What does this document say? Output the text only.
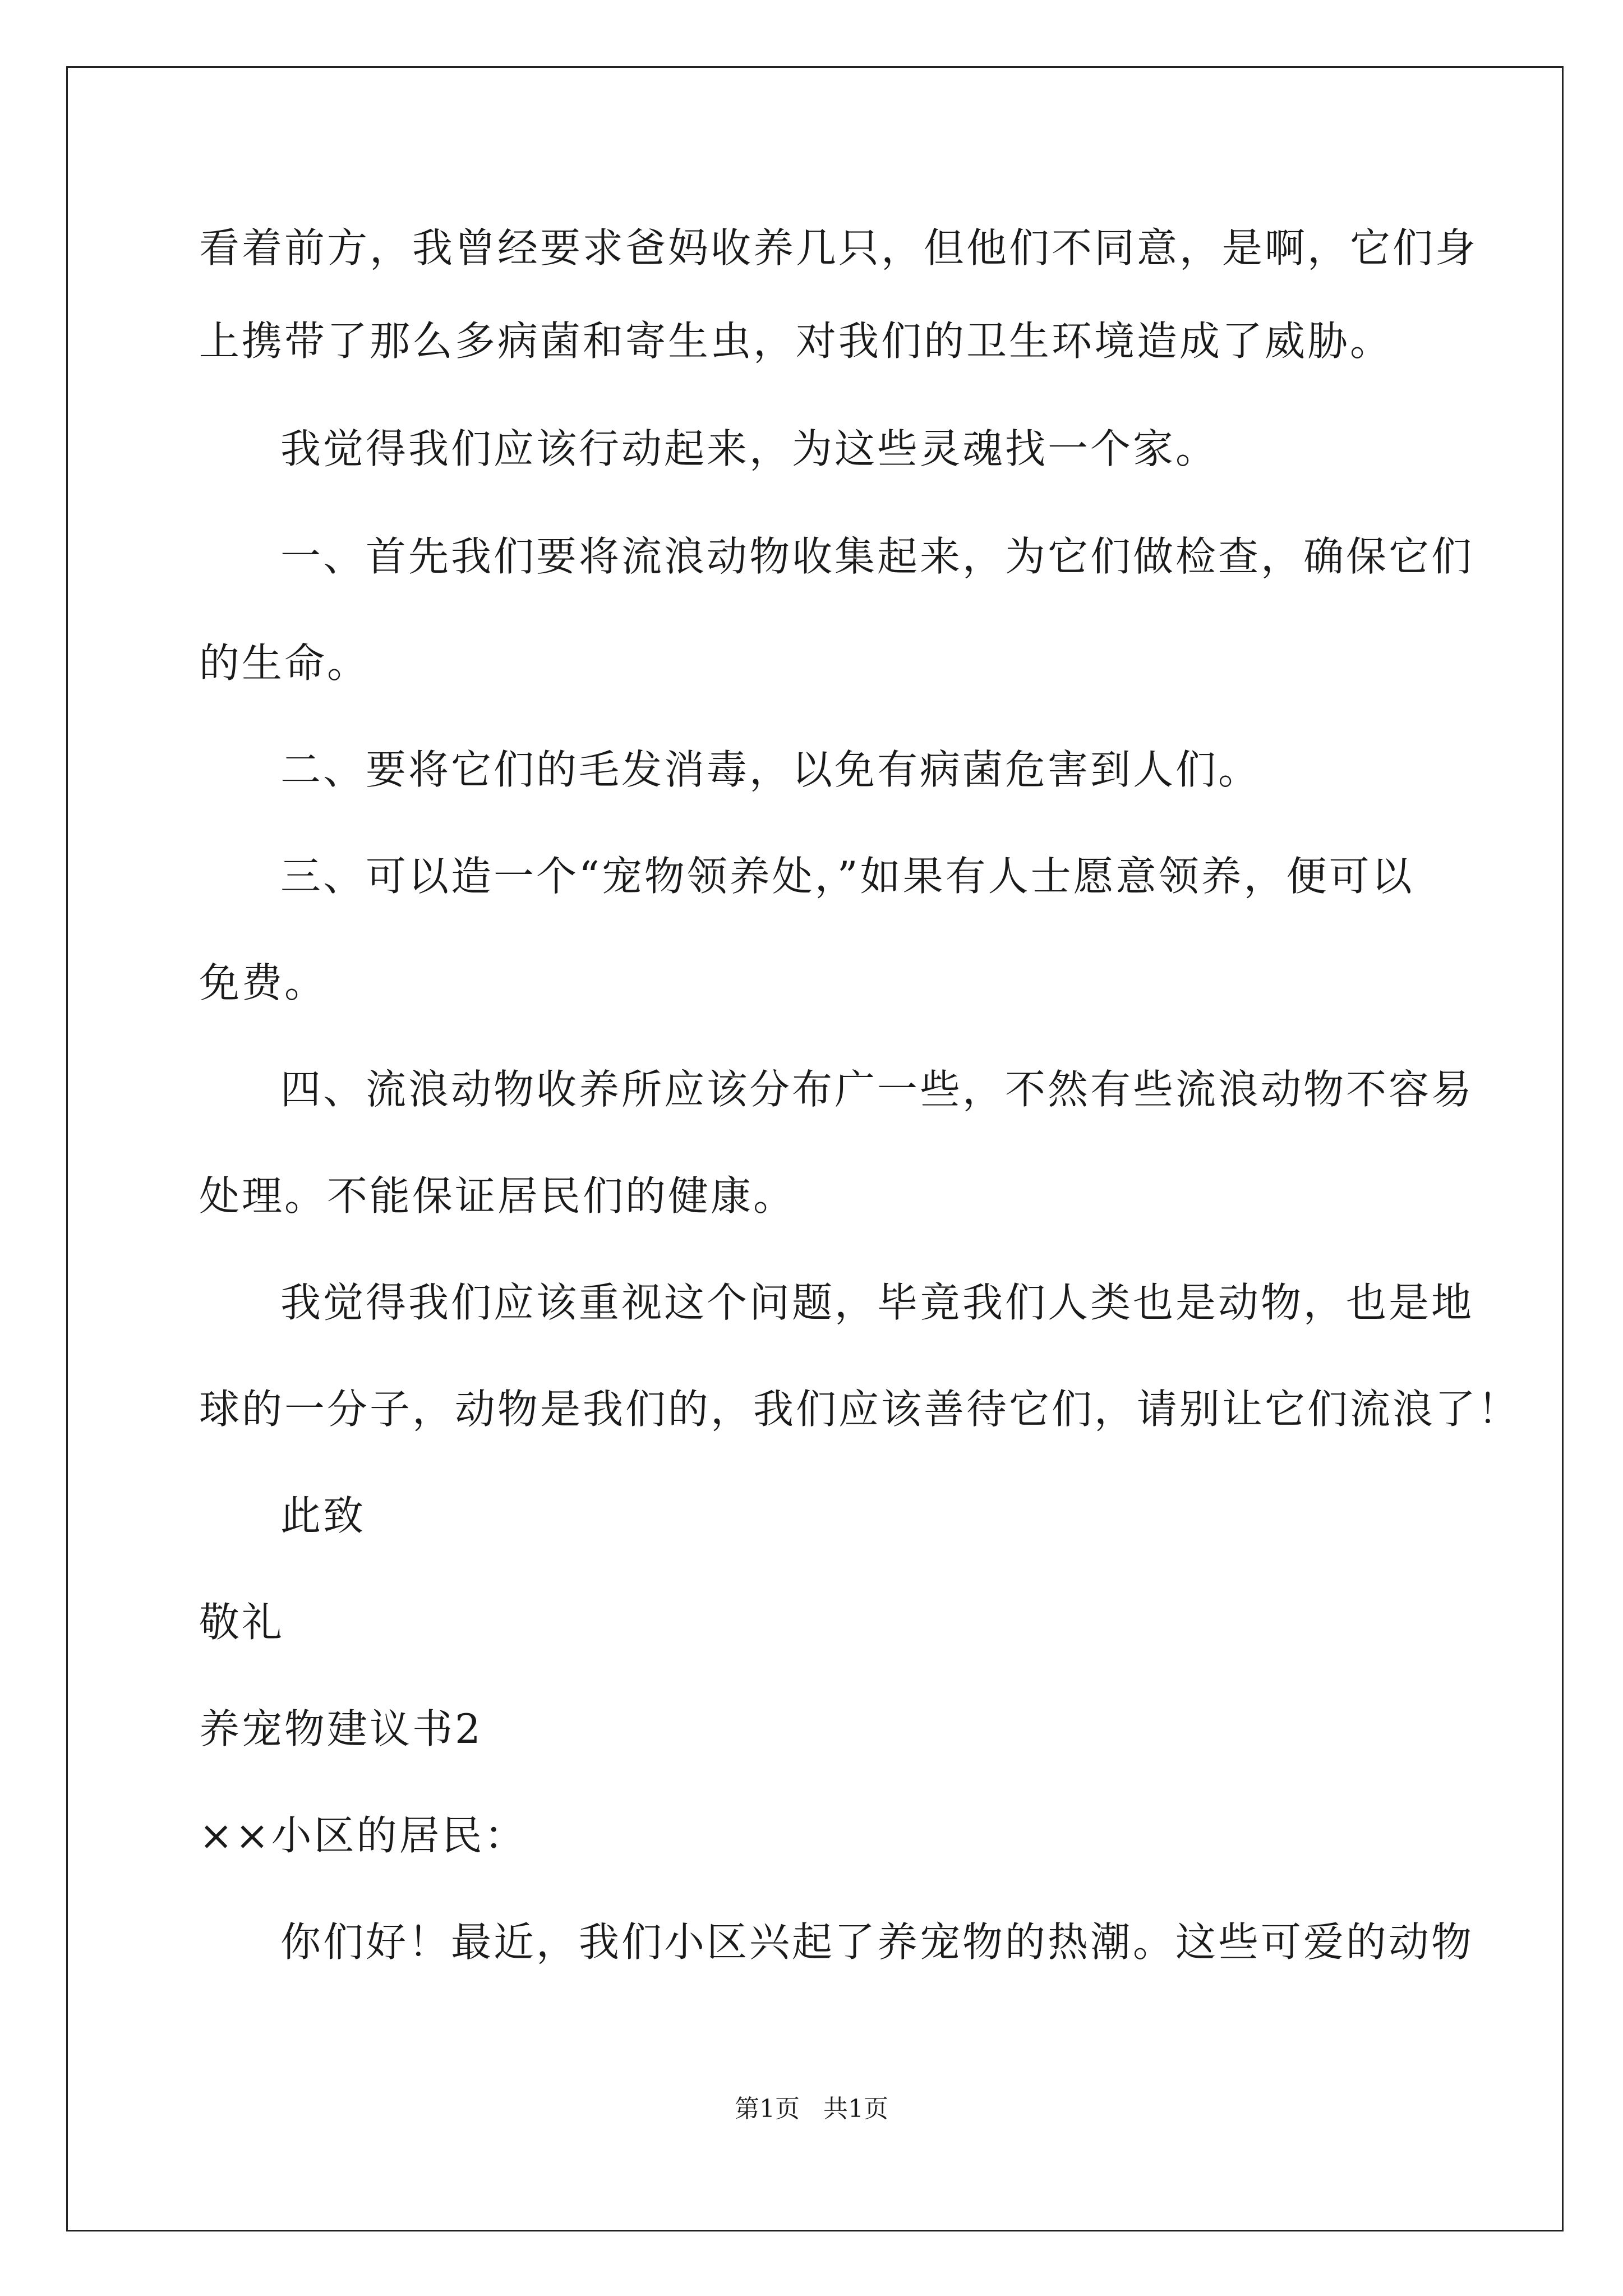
看着前方，我曾经要求爸妈收养几只，但他们不同意，是啊，它们身
上携带了那么多病菌和寄生虫，对我们的卫生环境造成了威胁。
我觉得我们应该行动起来，为这些灵魂找一个家。
一、首先我们要将流浪动物收集起来，为它们做检查，确保它们
的生命。
二、要将它们的毛发消毒，以免有病菌危害到人们。
三、可以造一个“宠物领养处，”如果有人士愿意领养，便可以
免费。
四、流浪动物收养所应该分布广一些，不然有些流浪动物不容易
处理。不能保证居民们的健康。
我觉得我们应该重视这个问题，毕竟我们人类也是动物，也是地
球的一分子，动物是我们的，我们应该善待它们，请别让它们流浪了！
此致
敬礼
养宠物建议书2
××小区的居民：
你们好！最近，我们小区兴起了养宠物的热潮。这些可爱的动物
第1页   共1页
